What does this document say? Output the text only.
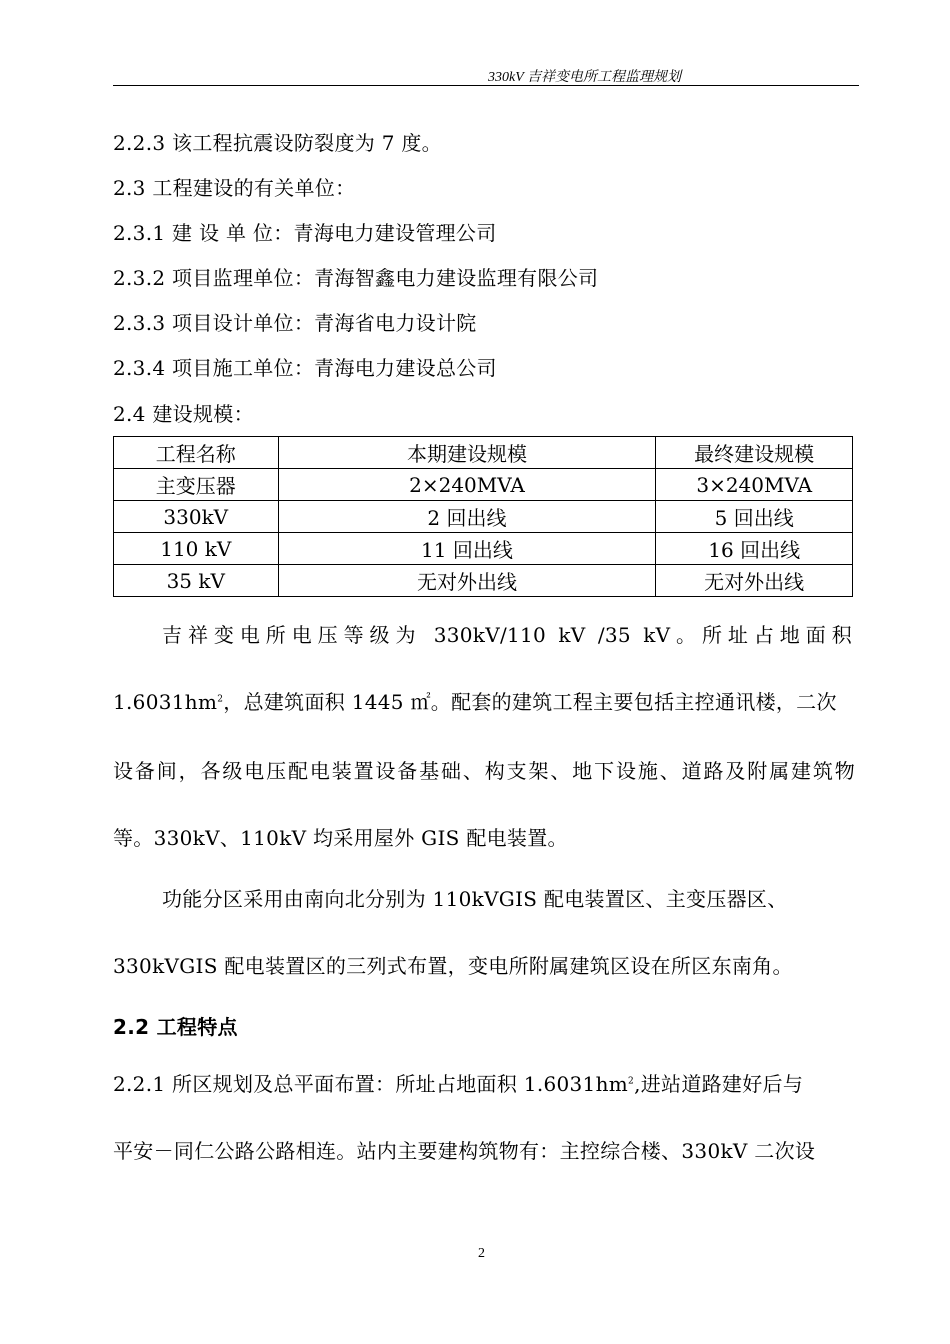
330kV 吉祥变电所工程监理规划
2.2.3 该工程抗震设防裂度为 7 度。
2.3 工程建设的有关单位：
2.3.1 建 设 单 位：青海电力建设管理公司
2.3.2 项目监理单位：青海智鑫电力建设监理有限公司
2.3.3 项目设计单位：青海省电力设计院
2.3.4 项目施工单位：青海电力建设总公司
2.4 建设规模：
工程名称	本期建设规模	最终建设规模
主变压器	2×240MVA	3×240MVA
330kV	2 回出线	5 回出线
110 kV	11 回出线	16 回出线
35 kV	无对外出线	无对外出线
吉祥变电所电压等级为 330kV/110 kV /35 kV。所址占地面积
$1.6031hm^2$，总建筑面积 1445 ㎡。配套的建筑工程主要包括主控通讯楼，二次
设备间，各级电压配电装置设备基础、构支架、地下设施、道路及附属建筑物
等。330kV、110kV 均采用屋外 GIS 配电装置。
功能分区采用由南向北分别为 110kVGIS 配电装置区、主变压器区、
330kVGIS 配电装置区的三列式布置，变电所附属建筑区设在所区东南角。
2.2 工程特点
2.2.1 所区规划及总平面布置：所址占地面积 $1.6031hm^2$,进站道路建好后与
平安－同仁公路公路相连。站内主要建构筑物有：主控综合楼、330kV 二次设
2
